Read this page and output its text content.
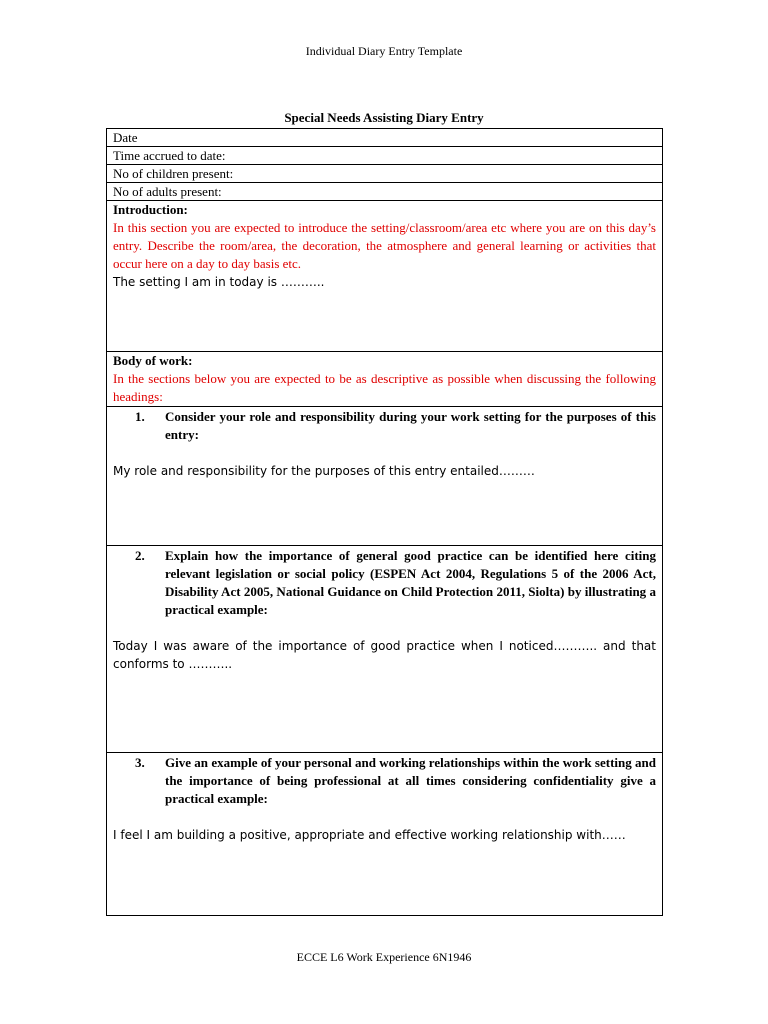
Individual Diary Entry Template
Special Needs Assisting Diary Entry
Date
Time accrued to date:
No of children present:
No of adults present:

Introduction:
In this section you are expected to introduce the setting/classroom/area etc where you are on this day’s entry. Describe the room/area, the decoration, the atmosphere and general learning or activities that occur here on a day to day basis etc.
The setting I am in today is ………..

Body of work:
In the sections below you are expected to be as descriptive as possible when discussing the following headings:

1.	Consider your role and responsibility during your work setting for the purposes of this entry:
My role and responsibility for the purposes of this entry entailed………

2.	Explain how the importance of general good practice can be identified here citing relevant legislation or social policy (ESPEN Act 2004, Regulations 5 of the 2006 Act, Disability Act 2005, National Guidance on Child Protection 2011, Siolta) by illustrating a practical example:
Today I was aware of the importance of good practice when I noticed……….. and that conforms to ………..

3.	Give an example of your personal and working relationships within the work setting and the importance of being professional at all times considering confidentiality give a practical example:
I feel I am building a positive, appropriate and effective working relationship with……
ECCE L6 Work Experience 6N1946
